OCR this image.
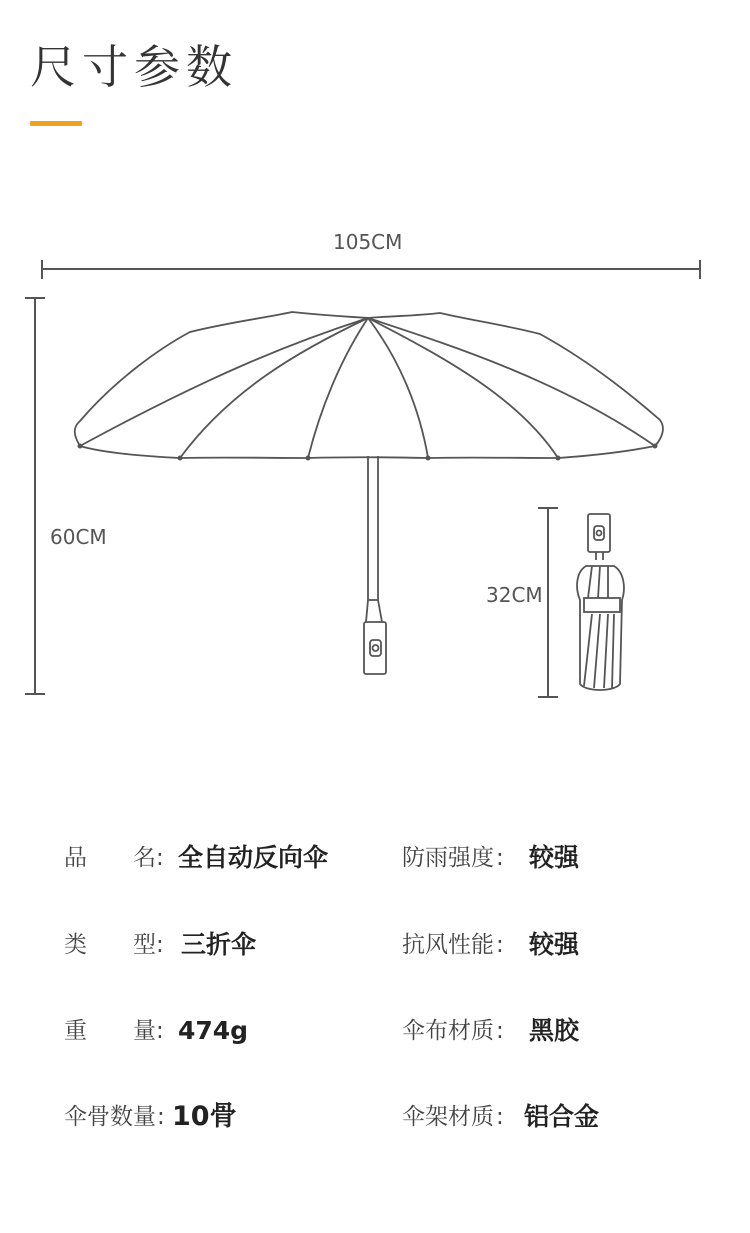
尺寸参数
105CM
60CM
32CM
品 名 : 全自动反向伞	防雨强度 : 较强
类 型 : 三折伞	抗风性能 : 较强
重 量 : 474g	伞布材质 : 黑胶
伞骨数量 : 10骨	伞架材质 : 铝合金
